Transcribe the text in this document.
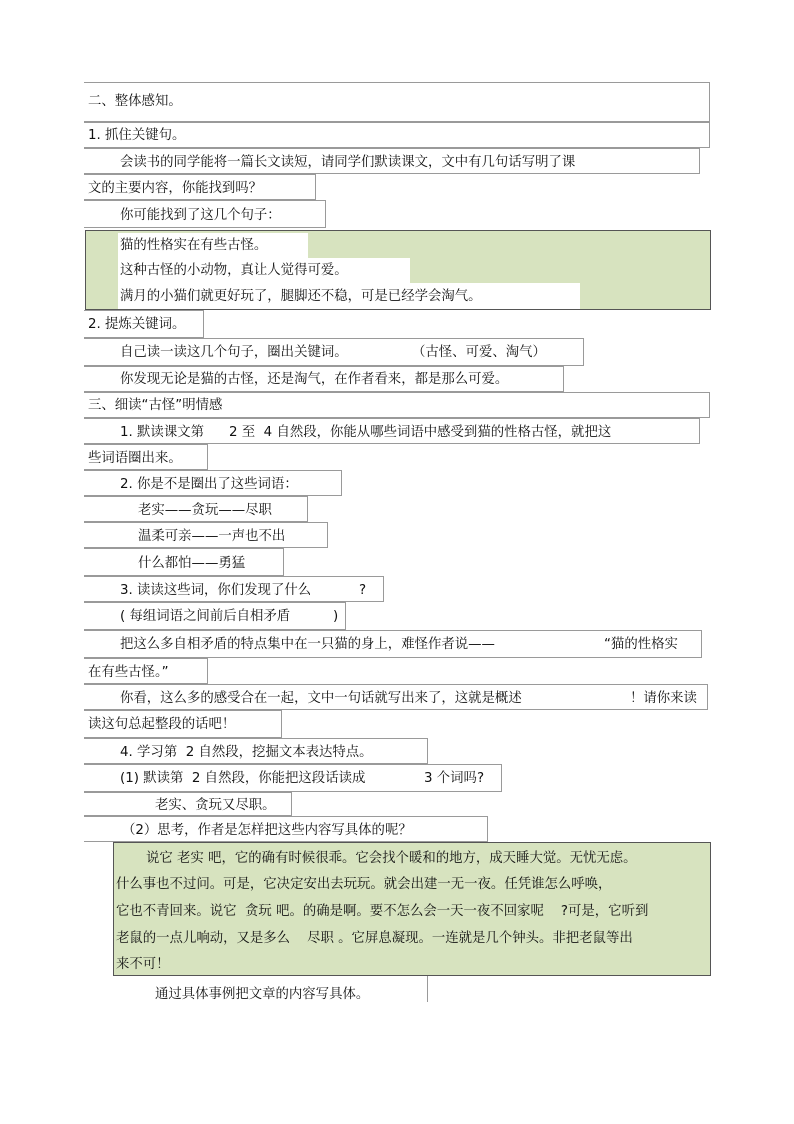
二、整体感知。
1. 抓住关键句。
会读书的同学能将一篇长文读短，请同学们默读课文，文中有几句话写明了课
文的主要内容，你能找到吗？
你可能找到了这几个句子：
猫的性格实在有些古怪。
这种古怪的小动物，真让人觉得可爱。
满月的小猫们就更好玩了，腿脚还不稳，可是已经学会淘气。
2. 提炼关键词。
自己读一读这几个句子，圈出关键词。	（古怪、可爱、淘气）
你发现无论是猫的古怪，还是淘气，在作者看来，都是那么可爱。
三、细读“古怪”明情感
1. 默读课文第 2 至  4 自然段，你能从哪些词语中感受到猫的性格古怪，就把这
些词语圈出来。
2. 你是不是圈出了这些词语：
老实——贪玩——尽职
温柔可亲——一声也不出
什么都怕——勇猛
3. 读读这些词，你们发现了什么	?
( 每组词语之间前后自相矛盾	)
把这么多自相矛盾的特点集中在一只猫的身上，难怪作者说——	“猫的性格实
在有些古怪。”
你看，这么多的感受合在一起，文中一句话就写出来了，这就是概述	！请你来读
读这句总起整段的话吧！
4. 学习第  2 自然段，挖掘文本表达特点。
(1) 默读第  2 自然段，你能把这段话读成	3 个词吗?
老实、贪玩又尽职。
（2）思考，作者是怎样把这些内容写具体的呢？
说它 老实 吧，它的确有时候很乖。它会找个暖和的地方，成天睡大觉。无忧无虑。
什么事也不过问。可是，它决定安出去玩玩。就会出建一无一夜。任凭谁怎么呼唤，
它也不青回来。说它  贪玩 吧。的确是啊。要不怎么会一天一夜不回家呢    ?可是，它听到
老鼠的一点儿响动，又是多么    尽职 。它屏息凝现。一连就是几个钟头。非把老鼠等出
来不可！
通过具体事例把文章的内容写具体。
